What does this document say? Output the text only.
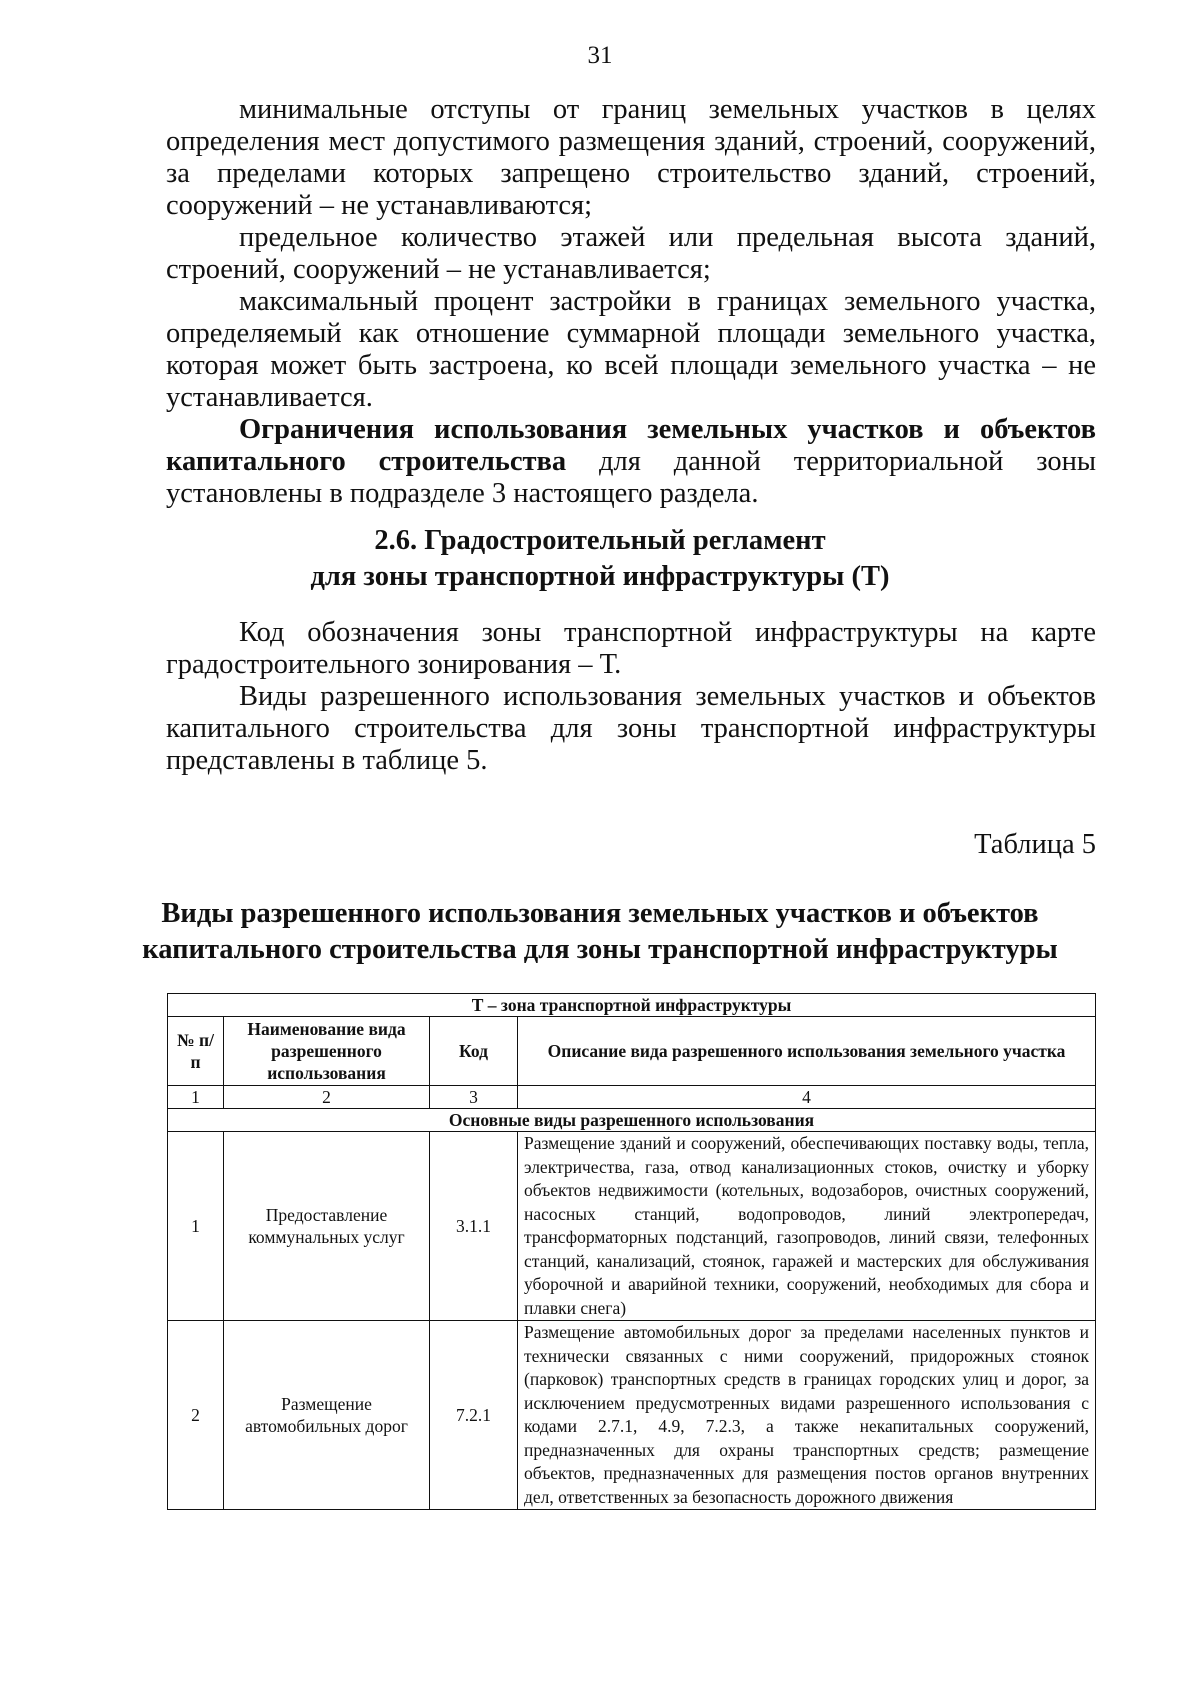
31

минимальные отступы от границ земельных участков в целях определения мест допустимого размещения зданий, строений, сооружений, за пределами которых запрещено строительство зданий, строений, сооружений – не устанавливаются;

предельное количество этажей или предельная высота зданий, строений, сооружений – не устанавливается;

максимальный процент застройки в границах земельного участка, определяемый как отношение суммарной площади земельного участка, которая может быть застроена, ко всей площади земельного участка – не устанавливается.

Ограничения использования земельных участков и объектов капитального строительства для данной территориальной зоны установлены в подразделе 3 настоящего раздела.

2.6. Градостроительный регламент
для зоны транспортной инфраструктуры (Т)

Код обозначения зоны транспортной инфраструктуры на карте градостроительного зонирования – Т.

Виды разрешенного использования земельных участков и объектов капитального строительства для зоны транспортной инфраструктуры представлены в таблице 5.

Таблица 5
Виды разрешенного использования земельных участков и объектов
капитального строительства для зоны транспортной инфраструктуры
Т – зона транспортной инфраструктуры			
№ п/п	Наименование вида разрешенного использования	Код	Описание вида разрешенного использования земельного участка
1	2	3	4
Основные виды разрешенного использования			
1	Предоставление коммунальных услуг	3.1.1	Размещение зданий и сооружений, обеспечивающих поставку воды, тепла, электричества, газа, отвод канализационных стоков, очистку и уборку объектов недвижимости (котельных, водозаборов, очистных сооружений, насосных станций, водопроводов, линий электропередач, трансформаторных подстанций, газопроводов, линий связи, телефонных станций, канализаций, стоянок, гаражей и мастерских для обслуживания уборочной и аварийной техники, сооружений, необходимых для сбора и плавки снега)
2	Размещение автомобильных дорог	7.2.1	Размещение автомобильных дорог за пределами населенных пунктов и технически связанных с ними сооружений, придорожных стоянок (парковок) транспортных средств в границах городских улиц и дорог, за исключением предусмотренных видами разрешенного использования с кодами 2.7.1, 4.9, 7.2.3, а также некапитальных сооружений, предназначенных для охраны транспортных средств; размещение объектов, предназначенных для размещения постов органов внутренних дел, ответственных за безопасность дорожного движения
